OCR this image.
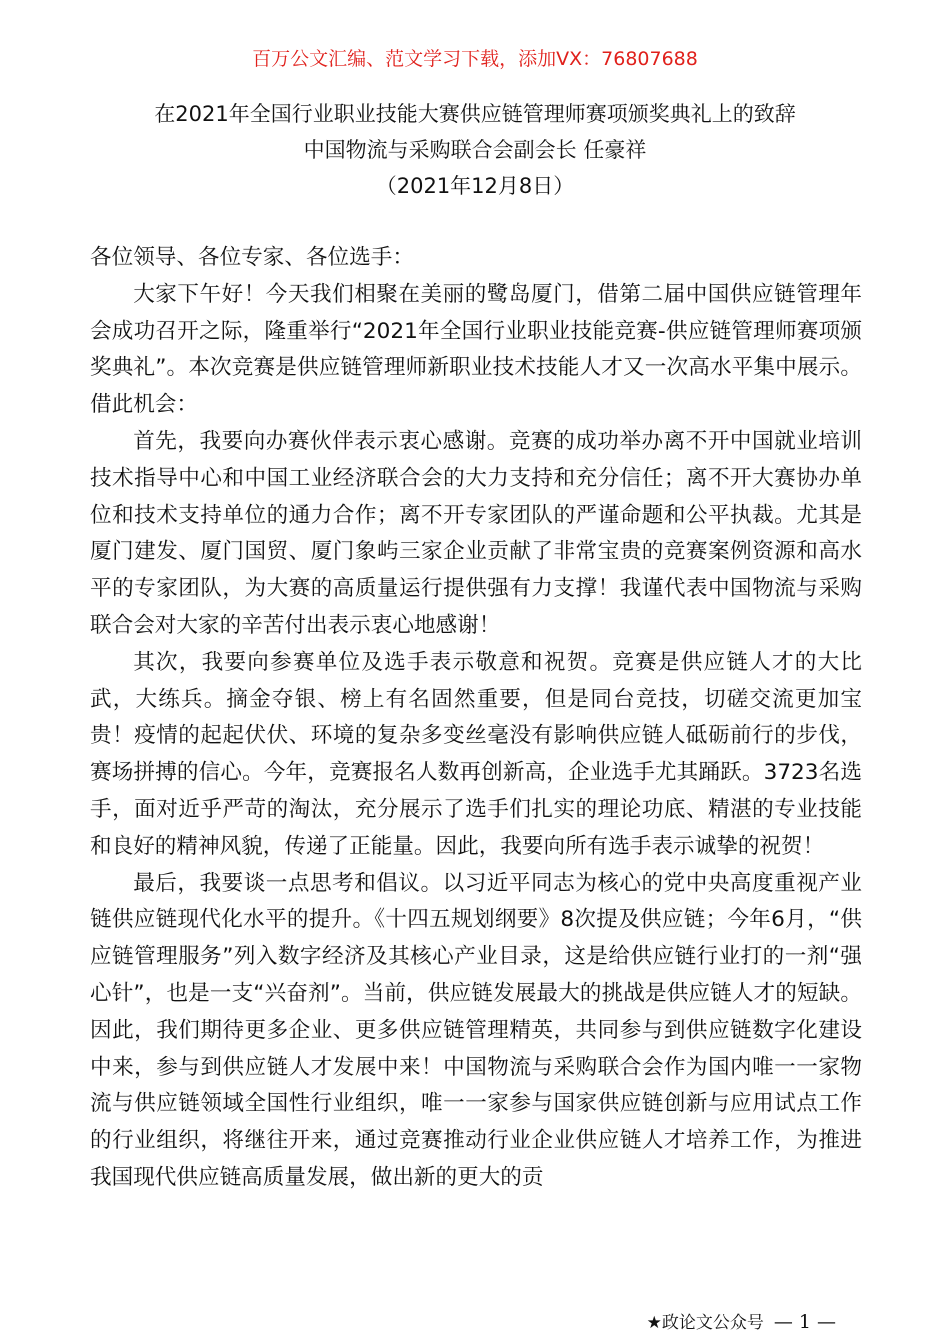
百万公文汇编、范文学习下载，添加VX：76807688
在2021年全国行业职业技能大赛供应链管理师赛项颁奖典礼上的致辞
中国物流与采购联合会副会长 任豪祥
（2021年12月8日）

各位领导、各位专家、各位选手：

大家下午好！今天我们相聚在美丽的鹭岛厦门，借第二届中国供应链管理年会成功召开之际，隆重举行“2021年全国行业职业技能竞赛-供应链管理师赛项颁奖典礼”。本次竞赛是供应链管理师新职业技术技能人才又一次高水平集中展示。借此机会：

首先，我要向办赛伙伴表示衷心感谢。竞赛的成功举办离不开中国就业培训技术指导中心和中国工业经济联合会的大力支持和充分信任；离不开大赛协办单位和技术支持单位的通力合作；离不开专家团队的严谨命题和公平执裁。尤其是厦门建发、厦门国贸、厦门象屿三家企业贡献了非常宝贵的竞赛案例资源和高水平的专家团队，为大赛的高质量运行提供强有力支撑！我谨代表中国物流与采购联合会对大家的辛苦付出表示衷心地感谢！

其次，我要向参赛单位及选手表示敬意和祝贺。竞赛是供应链人才的大比武，大练兵。摘金夺银、榜上有名固然重要，但是同台竞技，切磋交流更加宝贵！疫情的起起伏伏、环境的复杂多变丝毫没有影响供应链人砥砺前行的步伐，赛场拼搏的信心。今年，竞赛报名人数再创新高，企业选手尤其踊跃。3723名选手，面对近乎严苛的淘汰，充分展示了选手们扎实的理论功底、精湛的专业技能和良好的精神风貌，传递了正能量。因此，我要向所有选手表示诚挚的祝贺！

最后，我要谈一点思考和倡议。以习近平同志为核心的党中央高度重视产业链供应链现代化水平的提升。《十四五规划纲要》8次提及供应链；今年6月，“供应链管理服务”列入数字经济及其核心产业目录，这是给供应链行业打的一剂“强心针”，也是一支“兴奋剂”。当前，供应链发展最大的挑战是供应链人才的短缺。因此，我们期待更多企业、更多供应链管理精英，共同参与到供应链数字化建设中来，参与到供应链人才发展中来！中国物流与采购联合会作为国内唯一一家物流与供应链领域全国性行业组织，唯一一家参与国家供应链创新与应用试点工作的行业组织，将继往开来，通过竞赛推动行业企业供应链人才培养工作，为推进我国现代供应链高质量发展，做出新的更大的贡

★政论文公众号 — 1 —
